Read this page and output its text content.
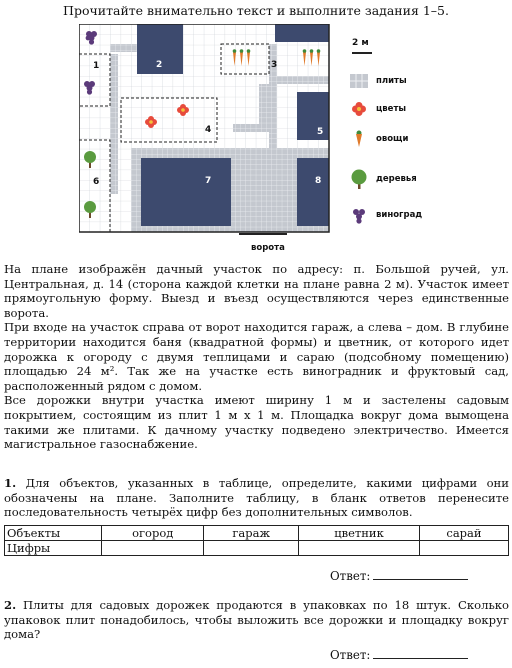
Прочитайте внимательно текст и выполните задания 1–5.
1	2	3
4	5
6	7	8
ворота
2 м
плиты
цветы
овощи
деревья
виноград

На плане изображён дачный участок по адресу: п. Большой ручей, ул. Центральная, д. 14 (сторона каждой клетки на плане равна 2 м). Участок имеет прямоугольную форму. Выезд и въезд осуществляются через единственные ворота.

При входе на участок справа от ворот находится гараж, а слева – дом. В глубине территории находится баня (квадратной формы) и цветник, от которого идет дорожка к огороду с двумя теплицами и сараю (подсобному помещению) площадью 24 м². Так же на участке есть виноградник и фруктовый сад, расположенный рядом с домом.

Все дорожки внутри участка имеют ширину 1 м и застелены садовым покрытием, состоящим из плит 1 м х 1 м. Площадка вокруг дома вымощена такими же плитами. К дачному участку подведено электричество. Имеется магистральное газоснабжение.

1. Для объектов, указанных в таблице, определите, какими цифрами они обозначены на плане. Заполните таблицу, в бланк ответов перенесите последовательность четырёх цифр без дополнительных символов.

Объекты	огород	гараж	цветник	сарай
Цифры				
Ответ:

2. Плиты для садовых дорожек продаются в упаковках по 18 штук. Сколько упаковок плит понадобилось, чтобы выложить все дорожки и площадку вокруг дома?

Ответ:
